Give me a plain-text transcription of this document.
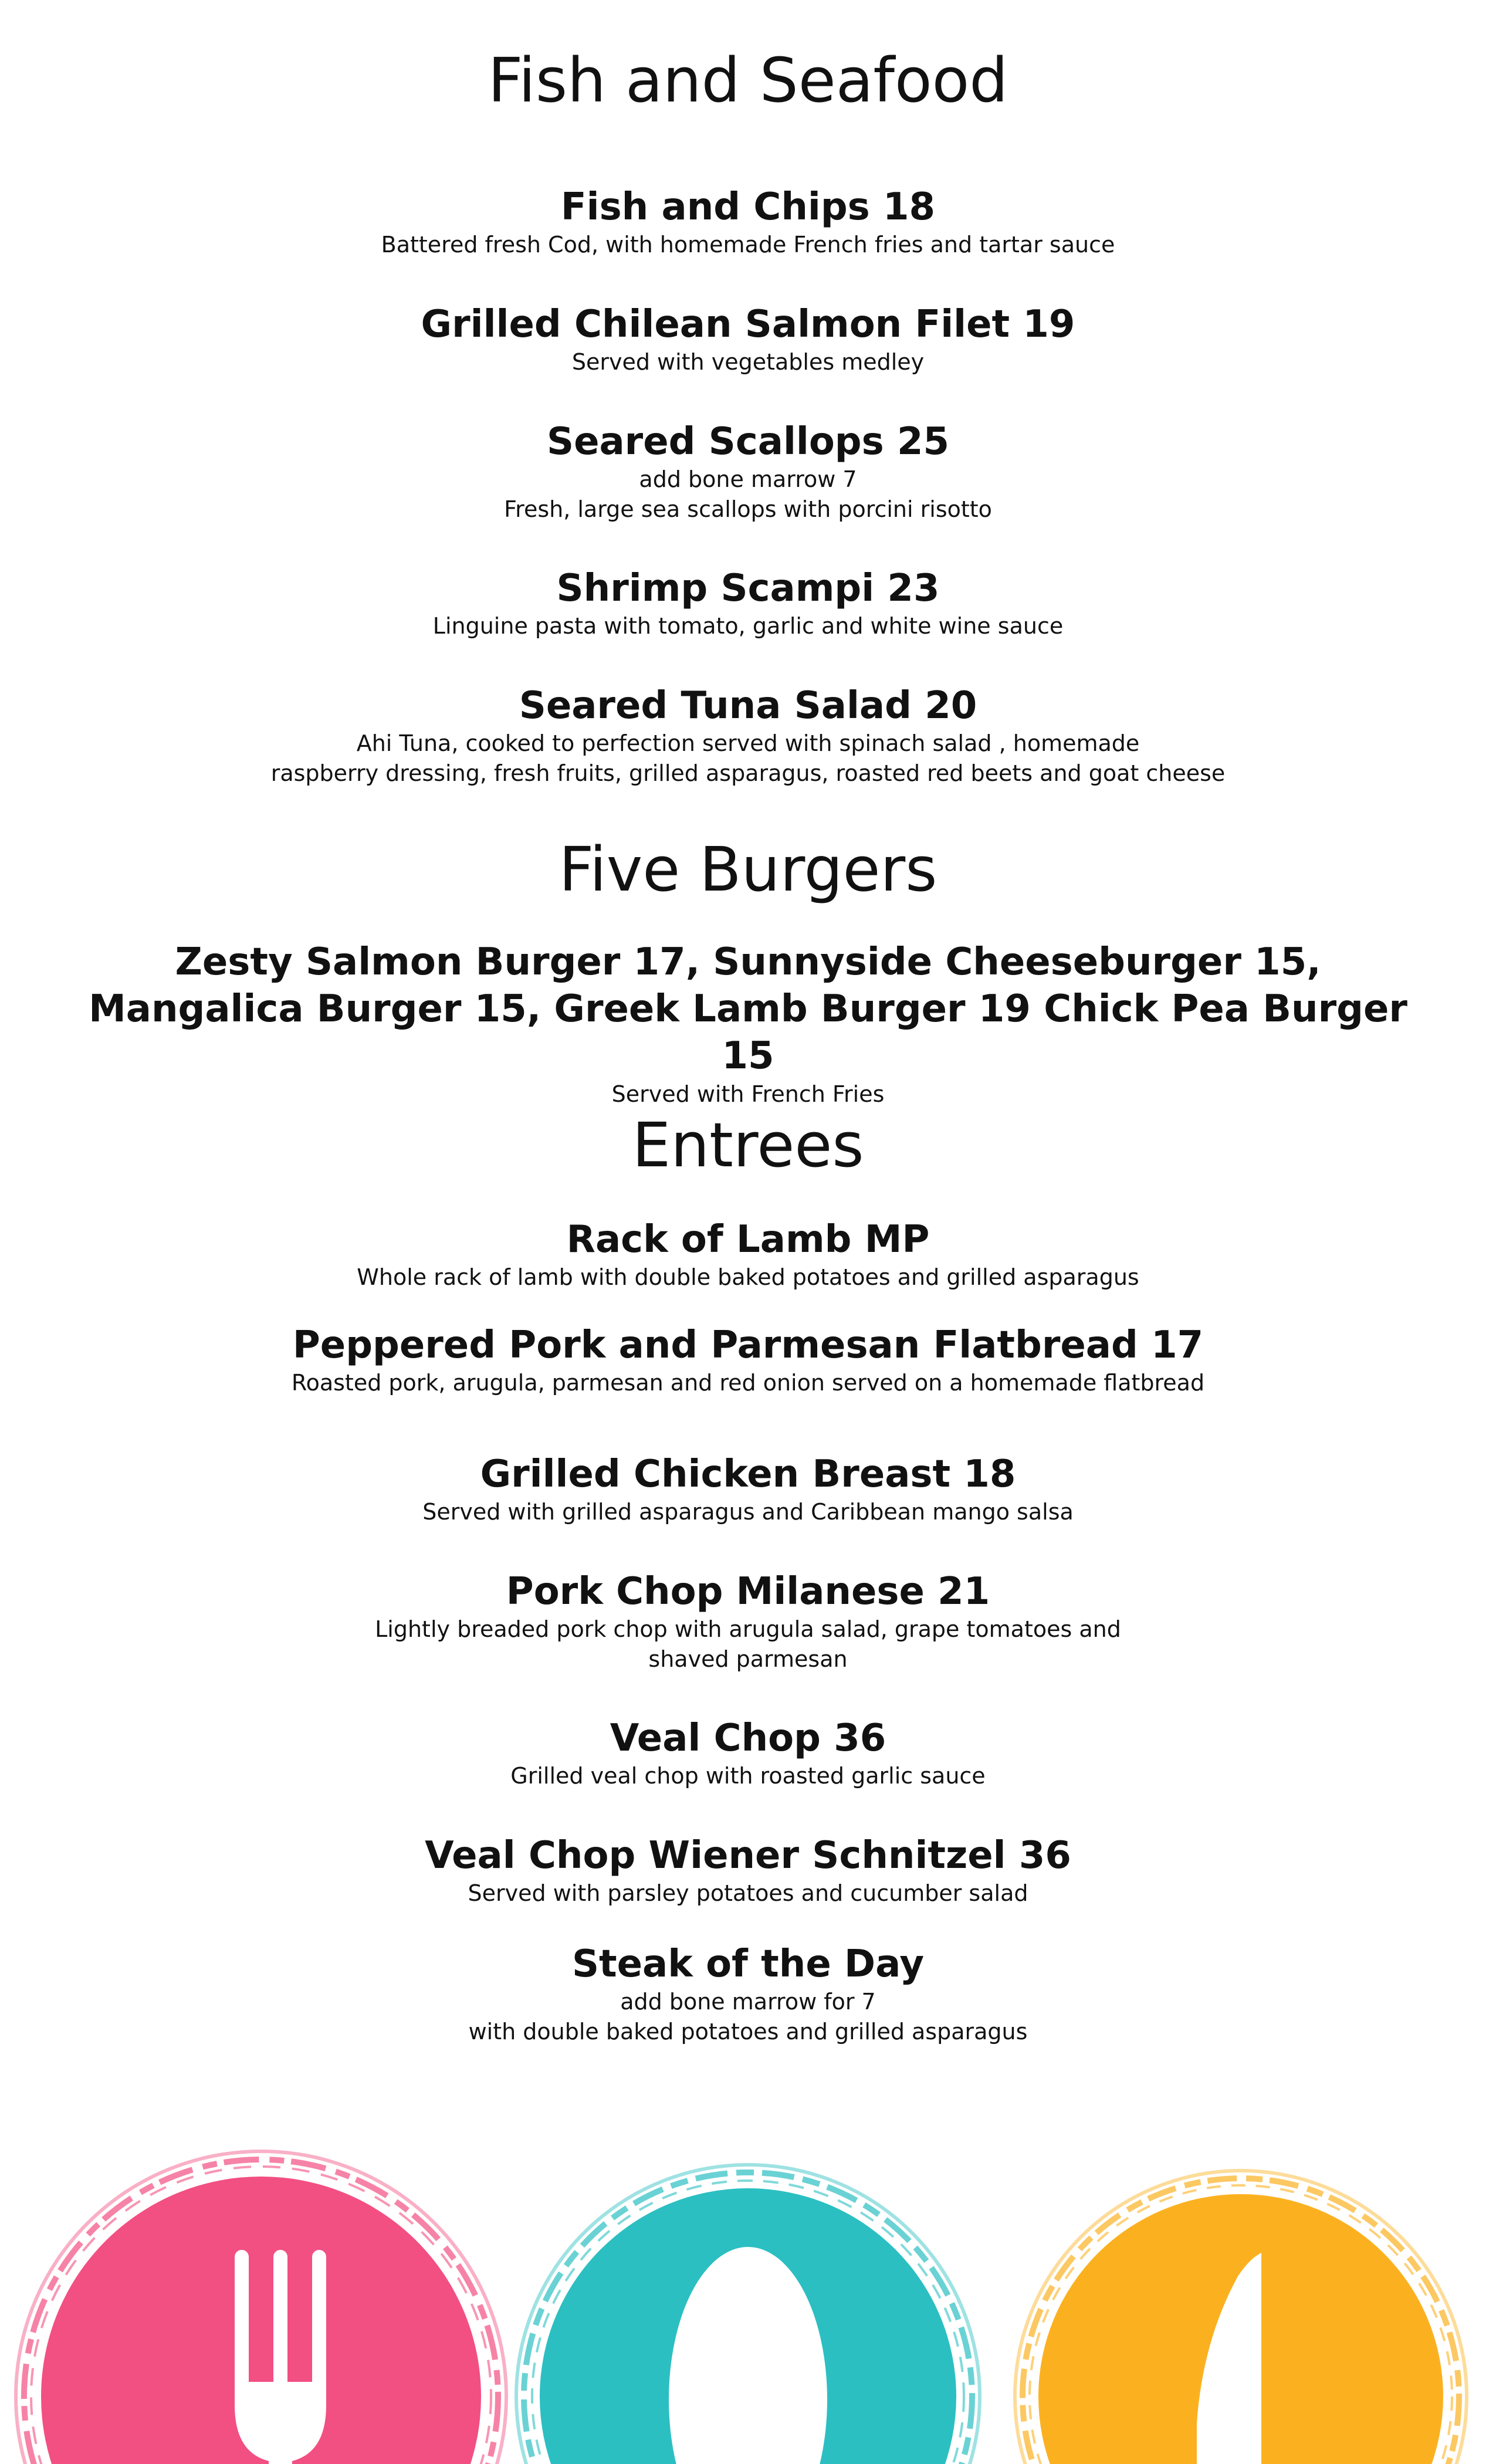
Fish and Seafood
Fish and Chips 18
Battered fresh Cod, with homemade French fries and tartar sauce
Grilled Chilean Salmon Filet 19
Served with vegetables medley
Seared Scallops 25
add bone marrow 7
Fresh, large sea scallops with porcini risotto
Shrimp Scampi 23
Linguine pasta with tomato, garlic and white wine sauce
Seared Tuna Salad 20
Ahi Tuna, cooked to perfection served with spinach salad , homemade
raspberry dressing, fresh fruits, grilled asparagus, roasted red beets and goat cheese
Five Burgers
Zesty Salmon Burger 17, Sunnyside Cheeseburger 15,
Mangalica Burger 15, Greek Lamb Burger 19 Chick Pea Burger 15
Served with French Fries
Entrees
Rack of Lamb MP
Whole rack of lamb with double baked potatoes and grilled asparagus
Peppered Pork and Parmesan Flatbread 17
Roasted pork, arugula, parmesan and red onion served on a homemade flatbread
Grilled Chicken Breast 18
Served with grilled asparagus and Caribbean mango salsa
Pork Chop Milanese 21
Lightly breaded pork chop with arugula salad, grape tomatoes and
shaved parmesan
Veal Chop 36
Grilled veal chop with roasted garlic sauce
Veal Chop Wiener Schnitzel 36
Served with parsley potatoes and cucumber salad
Steak of the Day
add bone marrow for 7
with double baked potatoes and grilled asparagus
